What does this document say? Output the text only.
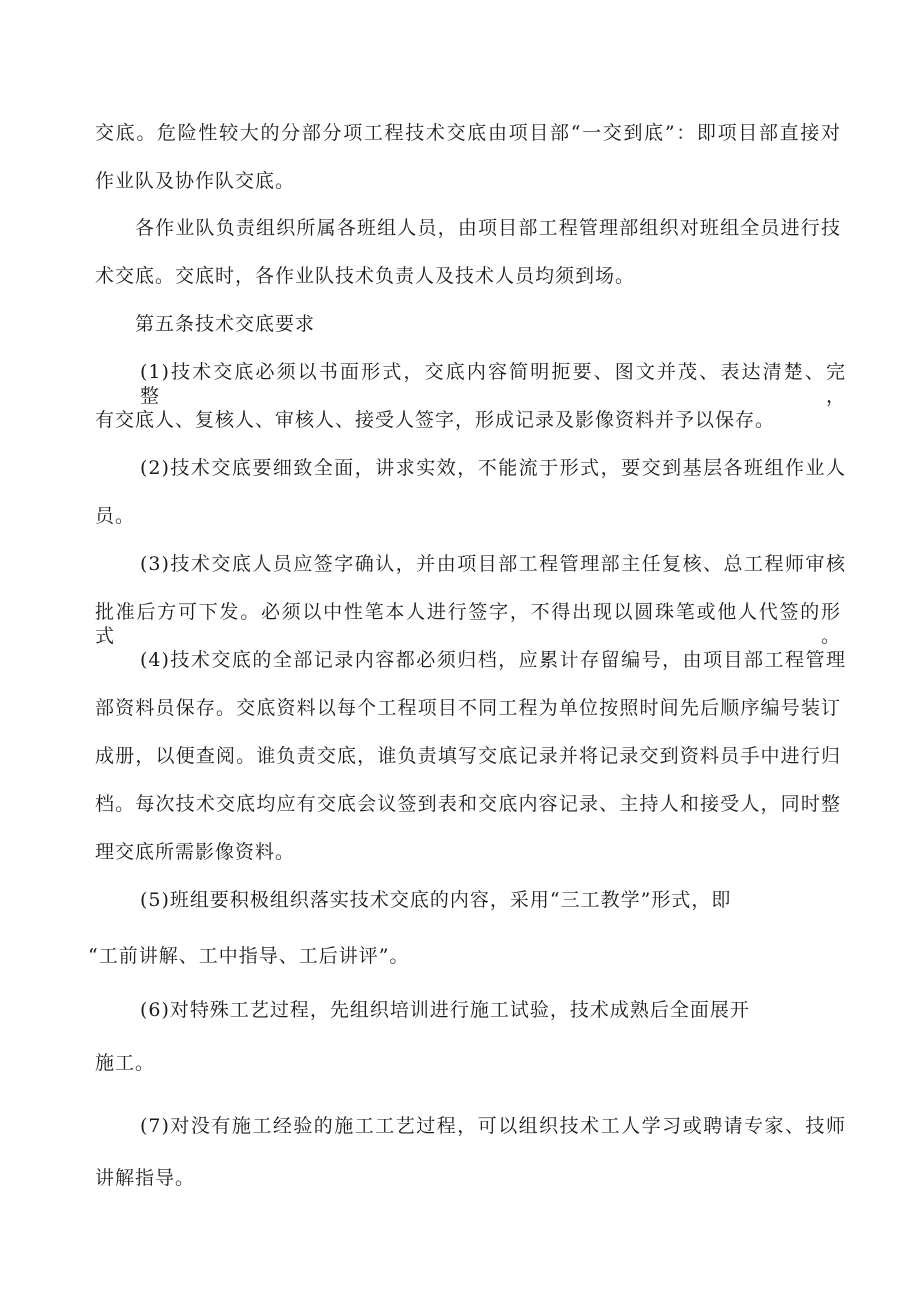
交底。危险性较大的分部分项工程技术交底由项目部“一交到底”：即项目部直接对
作业队及协作队交底。
各作业队负责组织所属各班组人员，由项目部工程管理部组织对班组全员进行技
术交底。交底时，各作业队技术负责人及技术人员均须到场。
第五条技术交底要求
(1)技术交底必须以书面形式，交底内容简明扼要、图文并茂、表达清楚、完整，
有交底人、复核人、审核人、接受人签字，形成记录及影像资料并予以保存。
(2)技术交底要细致全面，讲求实效，不能流于形式，要交到基层各班组作业人
员。
(3)技术交底人员应签字确认，并由项目部工程管理部主任复核、总工程师审核
批准后方可下发。必须以中性笔本人进行签字，不得出现以圆珠笔或他人代签的形式。
(4)技术交底的全部记录内容都必须归档，应累计存留编号，由项目部工程管理
部资料员保存。交底资料以每个工程项目不同工程为单位按照时间先后顺序编号装订
成册，以便查阅。谁负责交底，谁负责填写交底记录并将记录交到资料员手中进行归
档。每次技术交底均应有交底会议签到表和交底内容记录、主持人和接受人，同时整
理交底所需影像资料。
(5)班组要积极组织落实技术交底的内容，采用“三工教学”形式，即
“工前讲解、工中指导、工后讲评”。
(6)对特殊工艺过程，先组织培训进行施工试验，技术成熟后全面展开
施工。
(7)对没有施工经验的施工工艺过程，可以组织技术工人学习或聘请专家、技师
讲解指导。
